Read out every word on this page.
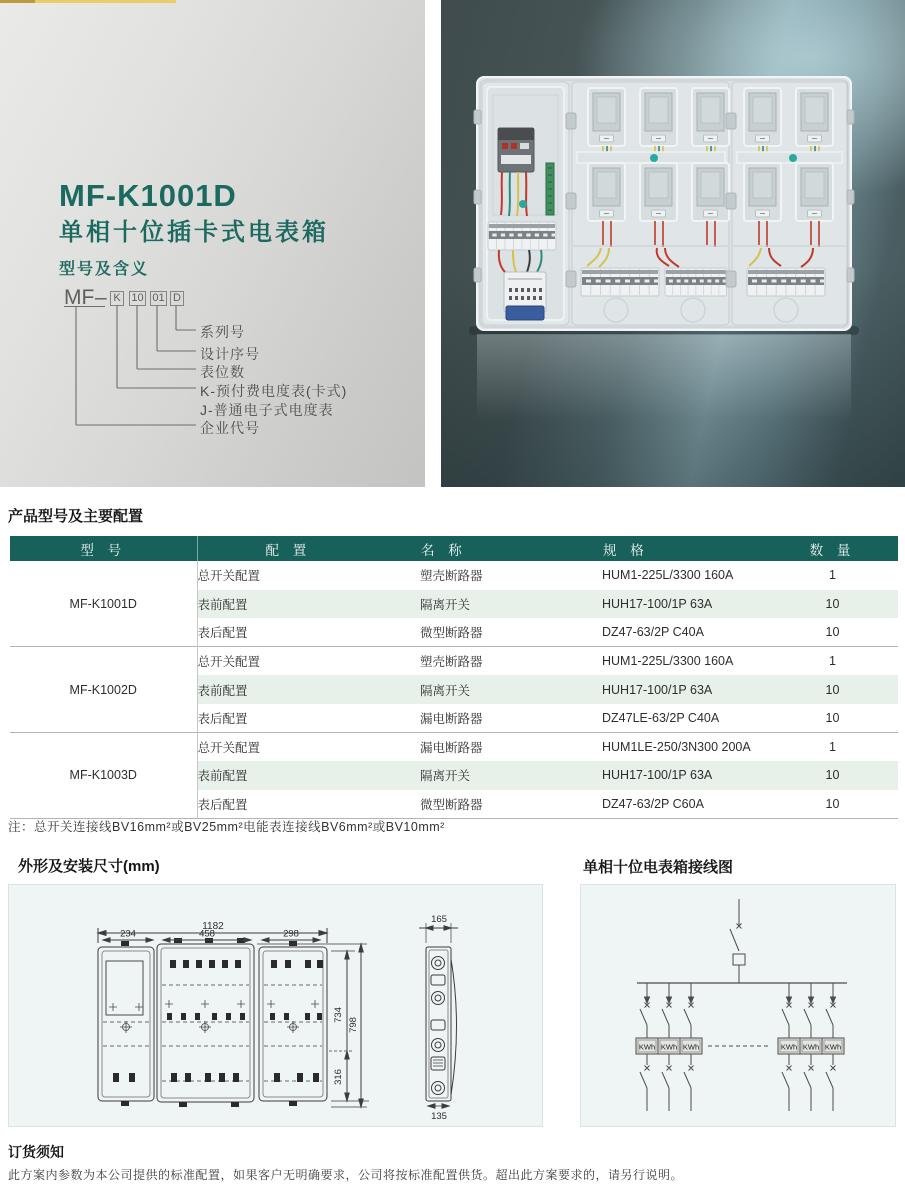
MF-K1001D
单相十位插卡式电表箱
型号及含义
MF – K 10 01 D
系列号
设计序号
表位数
K-预付费电度表(卡式)
J-普通电子式电度表
企业代号
产品型号及主要配置
型 号	配 置	名 称	规 格	数 量
MF-K1001D	总开关配置	塑壳断路器	HUM1-225L/3300 160A	1
	表前配置	隔离开关	HUH17-100/1P 63A	10
	表后配置	微型断路器	DZ47-63/2P C40A	10
MF-K1002D	总开关配置	塑壳断路器	HUM1-225L/3300 160A	1
	表前配置	隔离开关	HUH17-100/1P 63A	10
	表后配置	漏电断路器	DZ47LE-63/2P C40A	10
MF-K1003D	总开关配置	漏电断路器	HUM1LE-250/3N300 200A	1
	表前配置	隔离开关	HUH17-100/1P 63A	10
	表后配置	微型断路器	DZ47-63/2P C60A	10
注：总开关连接线BV16mm²或BV25mm²电能表连接线BV6mm²或BV10mm²
外形及安装尺寸(mm)
1182
234	458	298
165
734
798
316
135
单相十位电表箱接线图
KWh KWh KWh	KWh KWh KWh
订货须知
此方案内参数为本公司提供的标准配置，如果客户无明确要求，公司将按标准配置供货。超出此方案要求的，请另行说明。
